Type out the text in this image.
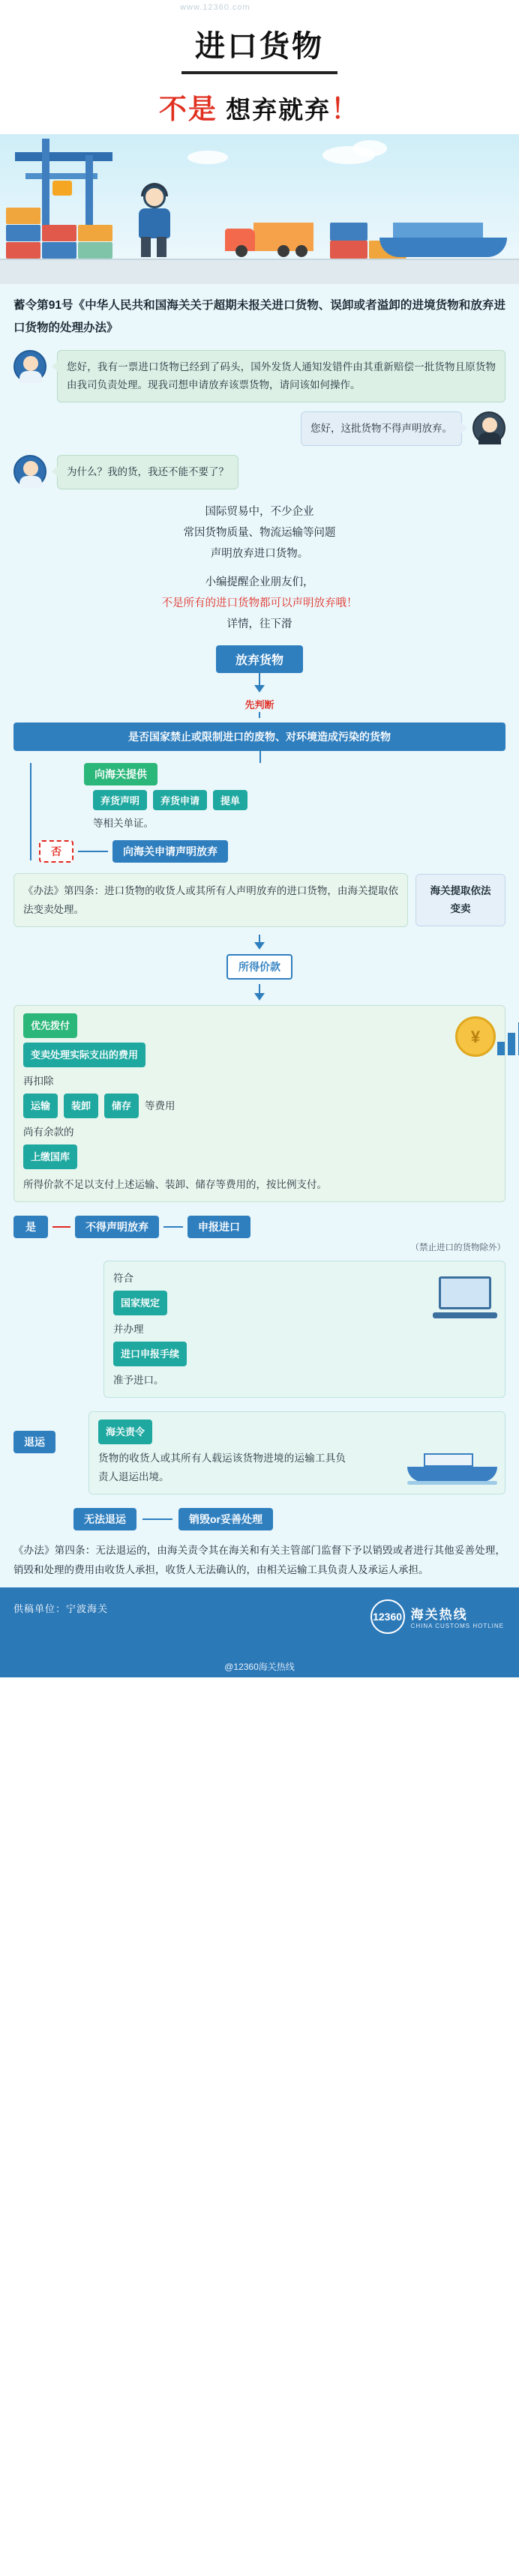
www.12360.com
进口货物
不是 想弃就弃！
蓄令第91号《中华人民共和国海关关于超期未报关进口货物、误卸或者溢卸的进境货物和放弃进口货物的处理办法》
您好，我有一票进口货物已经到了码头，国外发货人通知发错件由其重新赔偿一批货物且原货物由我司负责处理。现我司想申请放弃该票货物，请问该如何操作。
您好，这批货物不得声明放弃。
为什么？我的货，我还不能不要了？
国际贸易中，不少企业
常因货物质量、物流运输等问题
声明放弃进口货物。
小编提醒企业朋友们，
不是所有的进口货物都可以声明放弃哦！
详情，往下滑
放弃货物
先判断
是否国家禁止或限制进口的废物、对环境造成污染的货物
向海关提供
弃货声明	弃货申请	提单
等相关单证。
否	向海关申请声明放弃
《办法》第四条：进口货物的收货人或其所有人声明放弃的进口货物，由海关提取依法变卖处理。
海关提取依法变卖
所得价款
¥
优先拨付
变卖处理实际支出的费用
再扣除
运输	装卸	储存	等费用
尚有余款的
上缴国库
所得价款不足以支付上述运输、装卸、储存等费用的，按比例支付。
是	不得声明放弃	申报进口
（禁止进口的货物除外）
符合
国家规定
并办理
进口申报手续
准予进口。
退运
海关责令
货物的收货人或其所有人载运该货物进境的运输工具负责人退运出境。
无法退运	销毁or妥善处理
《办法》第四条：无法退运的，由海关责令其在海关和有关主管部门监督下予以销毁或者进行其他妥善处理，销毁和处理的费用由收货人承担，收货人无法确认的，由相关运输工具负责人及承运人承担。
供稿单位：宁波海关
12360 海关热线
CHINA CUSTOMS HOTLINE
@12360海关热线
